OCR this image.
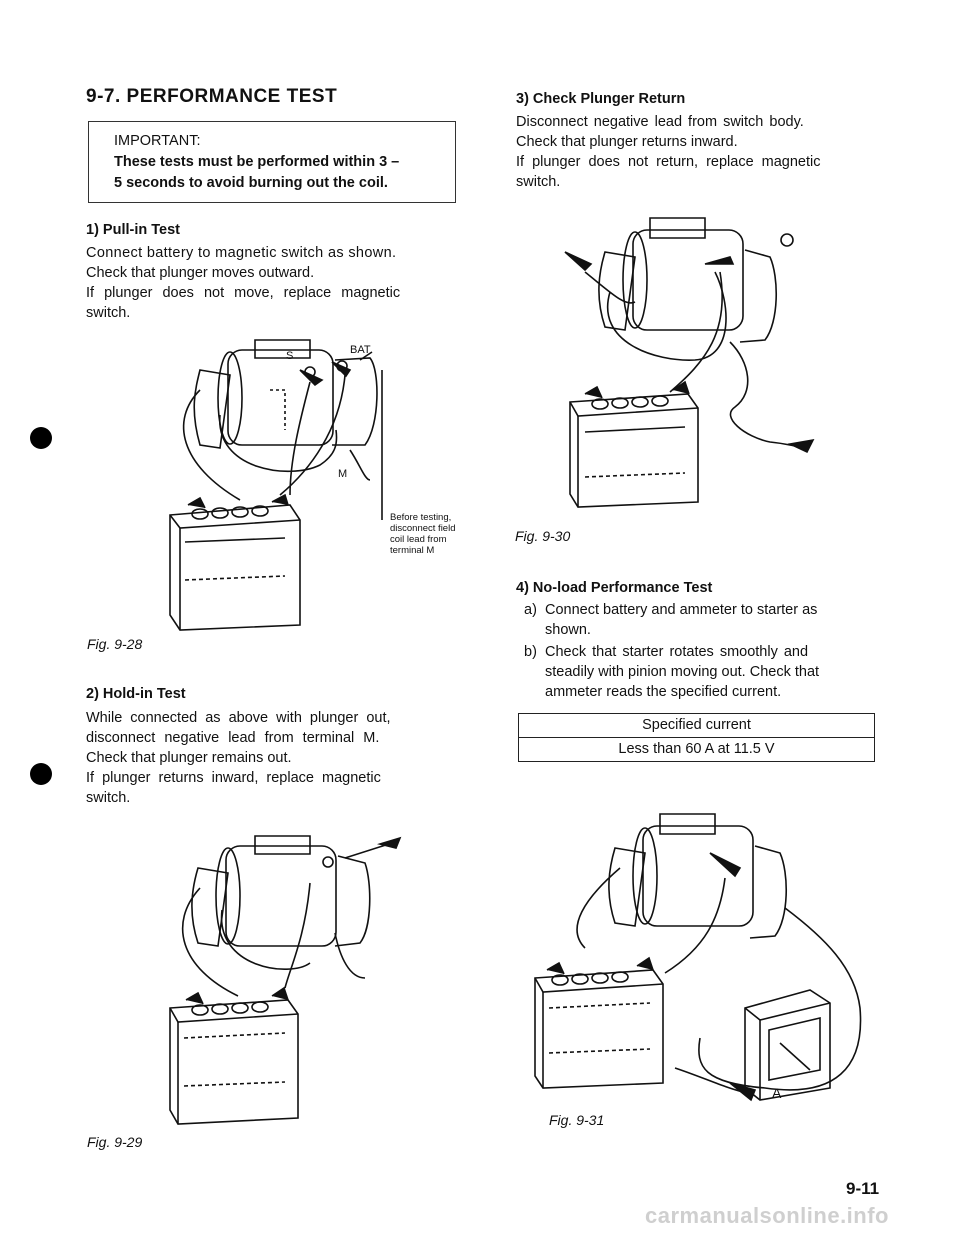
9-7. PERFORMANCE TEST
IMPORTANT:
These tests must be performed within 3 –
5 seconds to avoid burning out the coil.
1) Pull-in Test
Connect battery to magnetic switch as shown.
Check that plunger moves outward.
If plunger does not move, replace magnetic
switch.
S	BAT
M
Before testing,
disconnect field
coil lead from
terminal M
Fig. 9-28
2) Hold-in Test
While connected as above with plunger out,
disconnect negative lead from terminal M.
Check that plunger remains out.
If plunger returns inward, replace magnetic
switch.
Fig. 9-29
3) Check Plunger Return
Disconnect negative lead from switch body.
Check that plunger returns inward.
If plunger does not return, replace magnetic
switch.
Fig. 9-30
4) No-load Performance Test
a) Connect battery and ammeter to starter as
shown.
b) Check that starter rotates smoothly and
steadily with pinion moving out. Check that
ammeter reads the specified current.
Specified current
Less than 60 A at 11.5 V
A
Fig. 9-31
9-11
carmanualsonline.info
